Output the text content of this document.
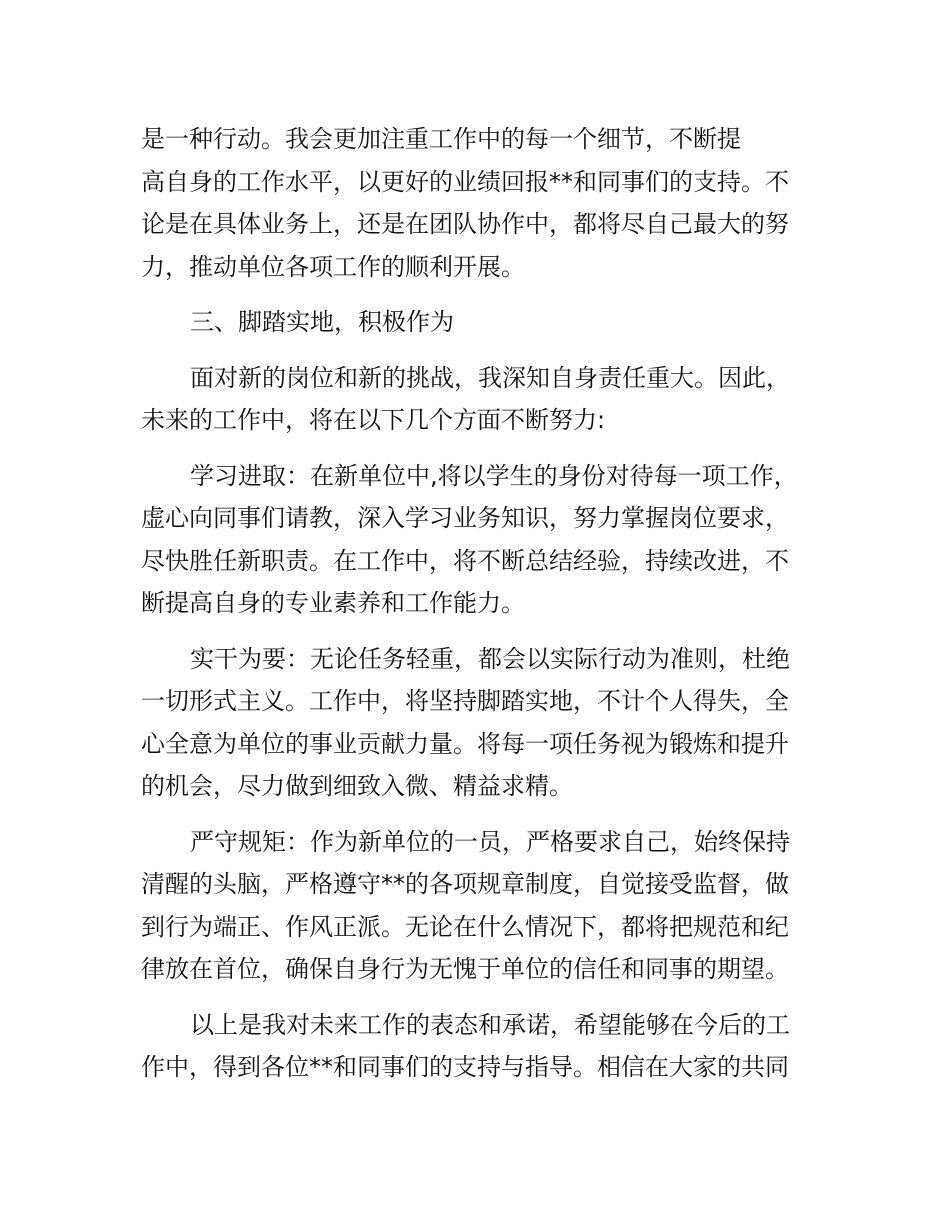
是一种行动。我会更加注重工作中的每一个细节，不断提
高自身的工作水平，以更好的业绩回报**和同事们的支持。不
论是在具体业务上，还是在团队协作中，都将尽自己最大的努
力，推动单位各项工作的顺利开展。
三、脚踏实地，积极作为
面对新的岗位和新的挑战，我深知自身责任重大。因此，
未来的工作中，将在以下几个方面不断努力:
学习进取：在新单位中,将以学生的身份对待每一项工作，
虚心向同事们请教，深入学习业务知识，努力掌握岗位要求，
尽快胜任新职责。在工作中，将不断总结经验，持续改进，不
断提高自身的专业素养和工作能力。
实干为要：无论任务轻重，都会以实际行动为准则，杜绝
一切形式主义。工作中，将坚持脚踏实地，不计个人得失，全
心全意为单位的事业贡献力量。将每一项任务视为锻炼和提升
的机会，尽力做到细致入微、精益求精。
严守规矩：作为新单位的一员，严格要求自己，始终保持
清醒的头脑，严格遵守**的各项规章制度，自觉接受监督，做
到行为端正、作风正派。无论在什么情况下，都将把规范和纪
律放在首位，确保自身行为无愧于单位的信任和同事的期望。
以上是我对未来工作的表态和承诺，希望能够在今后的工
作中，得到各位**和同事们的支持与指导。相信在大家的共同
